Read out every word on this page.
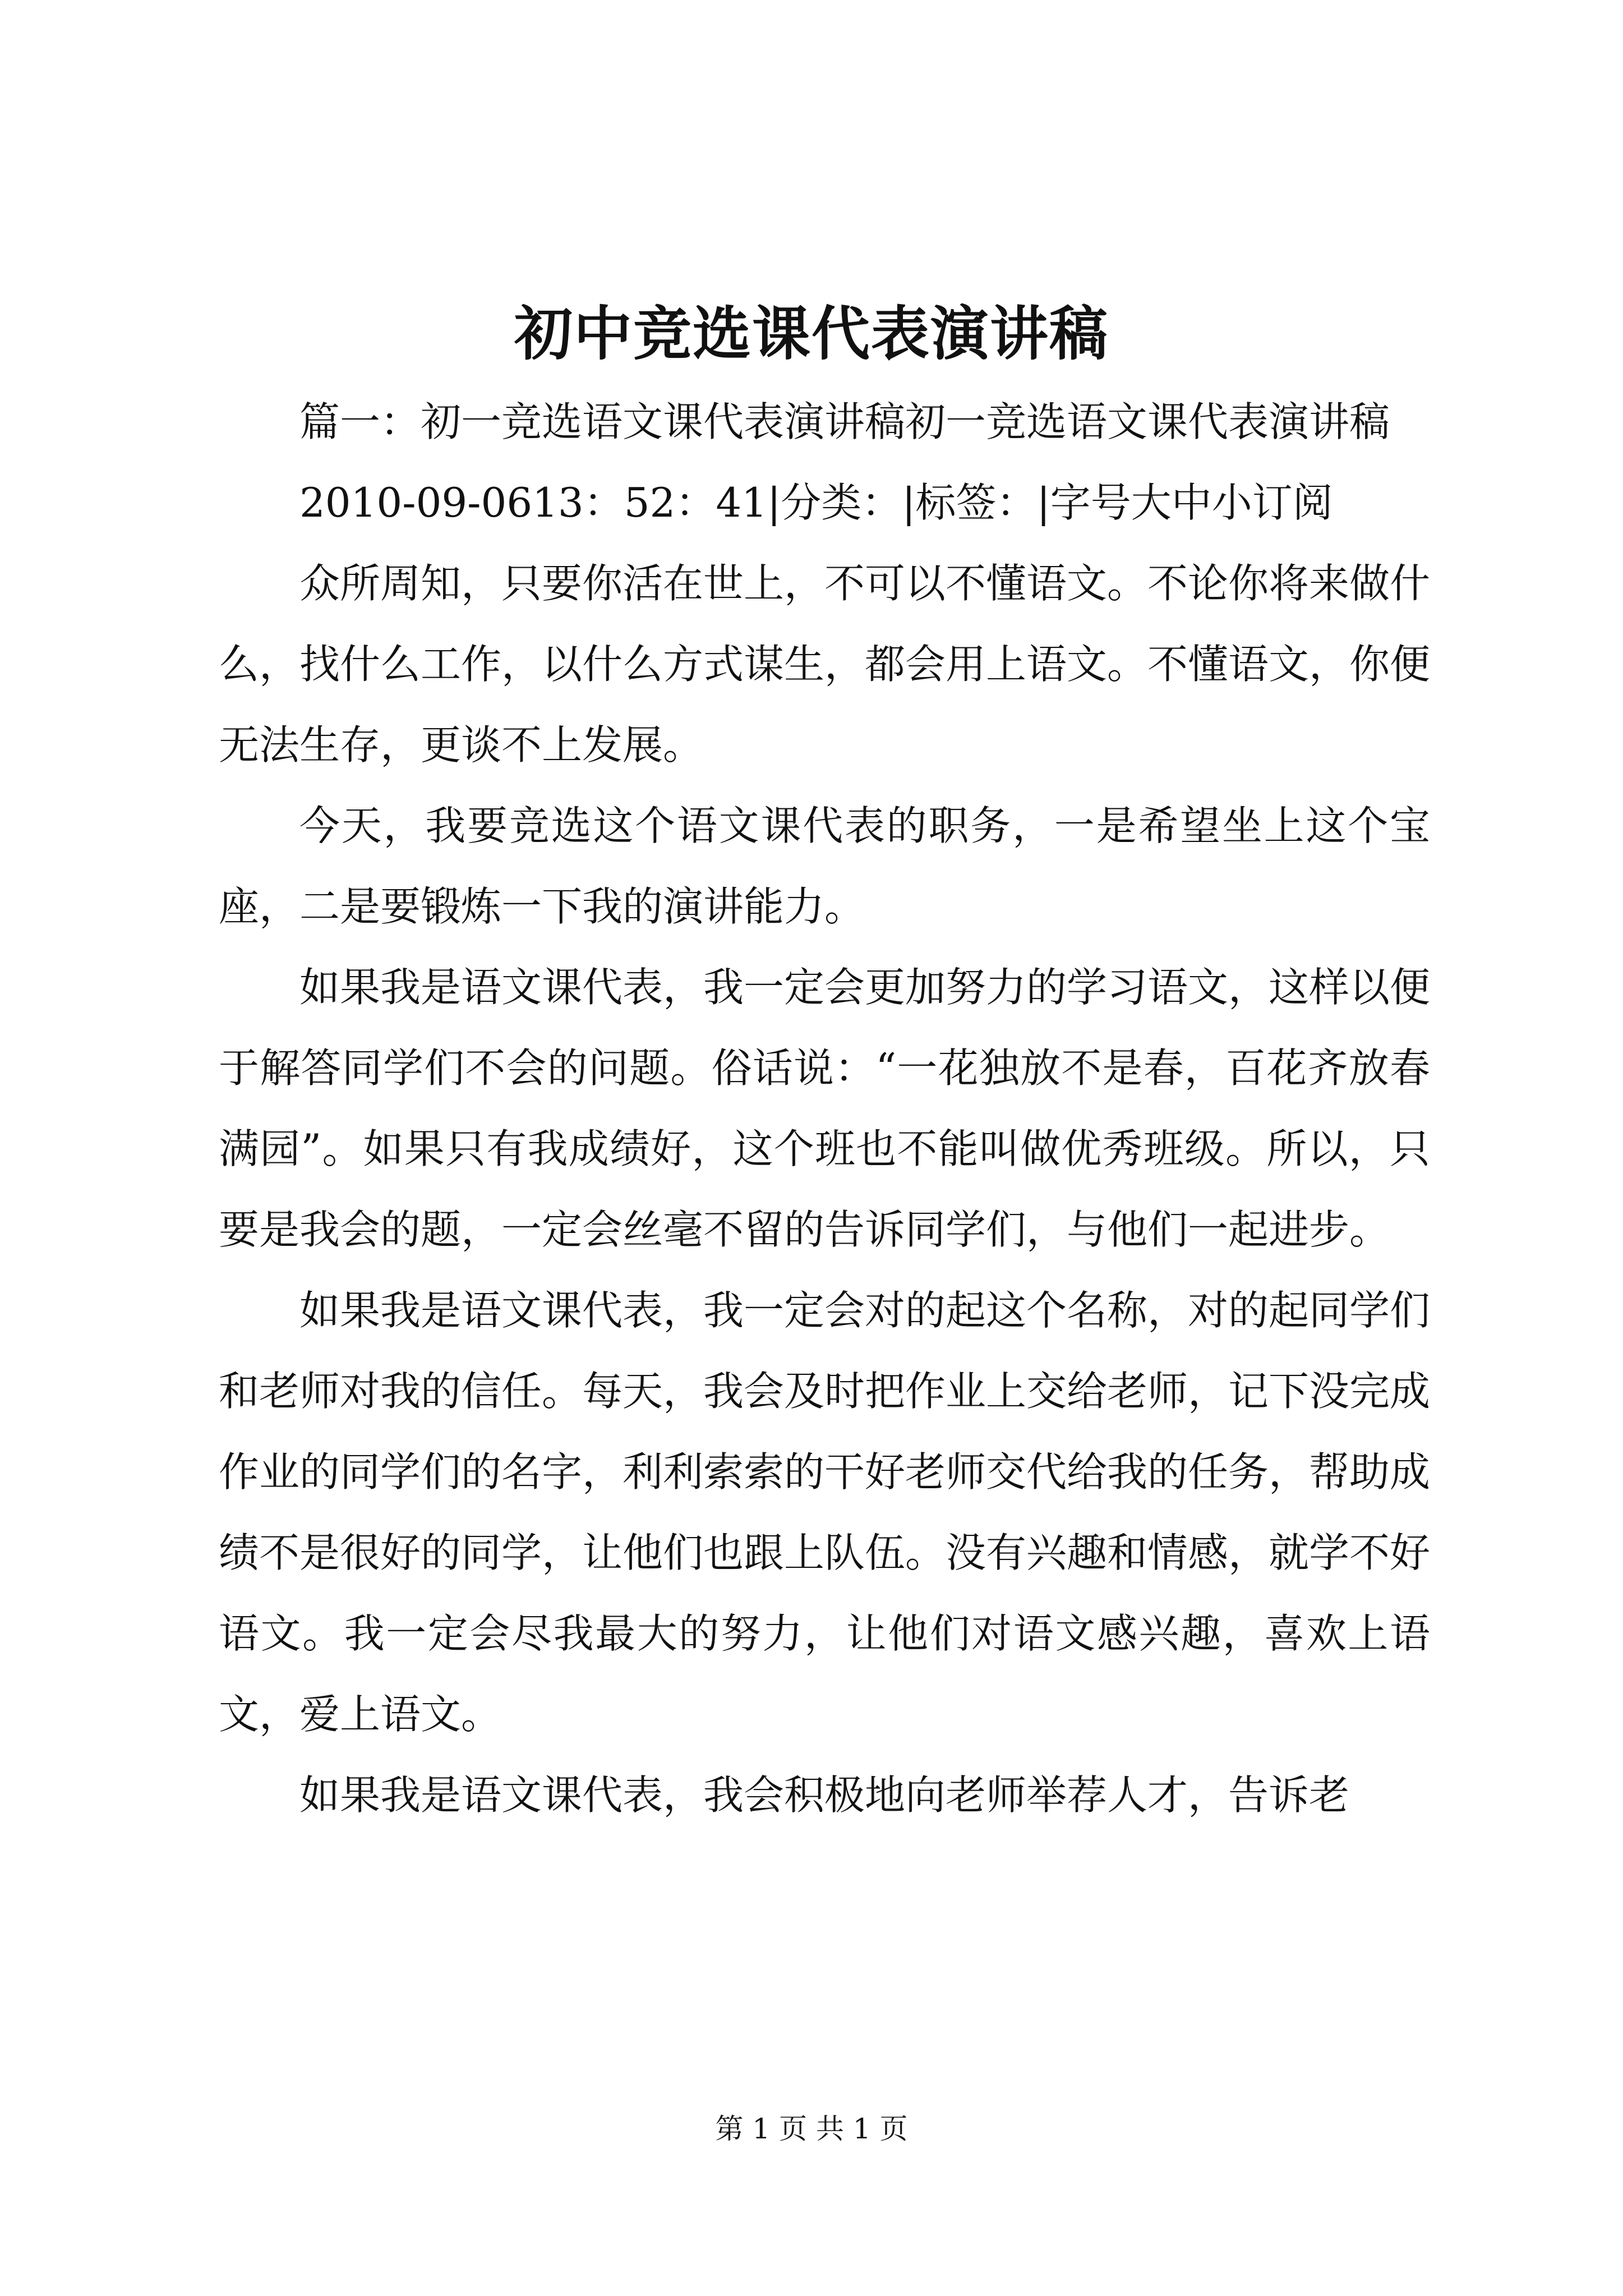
初中竞选课代表演讲稿

篇一：初一竞选语文课代表演讲稿初一竞选语文课代表演讲稿

2010-09-0613：52：41|分类：|标签：|字号大中小订阅

众所周知，只要你活在世上，不可以不懂语文。不论你将来做什么，找什么工作，以什么方式谋生，都会用上语文。不懂语文，你便无法生存，更谈不上发展。

今天，我要竞选这个语文课代表的职务，一是希望坐上这个宝座，二是要锻炼一下我的演讲能力。

如果我是语文课代表，我一定会更加努力的学习语文，这样以便于解答同学们不会的问题。俗话说：“一花独放不是春，百花齐放春满园”。如果只有我成绩好，这个班也不能叫做优秀班级。所以，只要是我会的题，一定会丝毫不留的告诉同学们，与他们一起进步。

如果我是语文课代表，我一定会对的起这个名称，对的起同学们和老师对我的信任。每天，我会及时把作业上交给老师，记下没完成作业的同学们的名字，利利索索的干好老师交代给我的任务，帮助成绩不是很好的同学，让他们也跟上队伍。没有兴趣和情感，就学不好语文。我一定会尽我最大的努力，让他们对语文感兴趣，喜欢上语文，爱上语文。

如果我是语文课代表，我会积极地向老师举荐人才，告诉老

第 1 页 共 1 页
